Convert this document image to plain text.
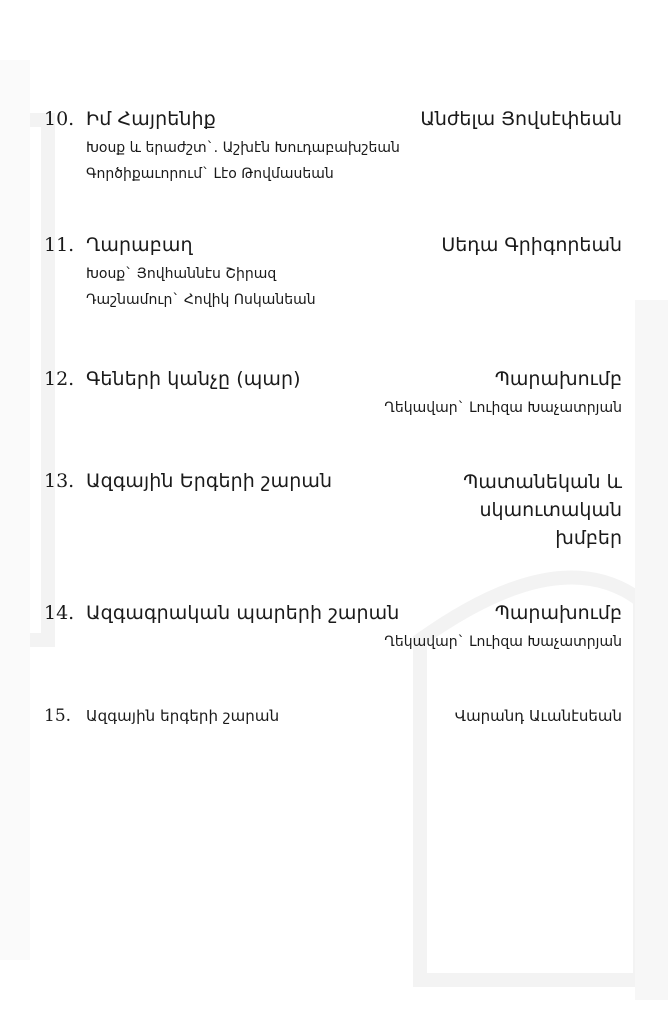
10. Իմ Հայրենիք	Անժելա Յովսէփեան
Խօսք և երաժշտ`. Աշխէն Խուդաբախշեան
Գործիքաւորում` Լէօ Թովմասեան
11. Ղարաբաղ	Սեդա Գրիգորեան
Խօսք` Յովհաննէս Շիրազ
Դաշնամուր` Հովիկ Ոսկանեան
12. Գեների կանչը (պար)	Պարախումբ
Ղեկավար` Լուիզա Խաչատրյան
13. Ազգային Երգերի շարան	Պատանեկան և
սկաուտական
խմբեր
14. Ազգագրական պարերի շարան	Պարախումբ
Ղեկավար` Լուիզա Խաչատրյան
15. Ազգային երգերի շարան	Վարանդ Աւանէսեան
